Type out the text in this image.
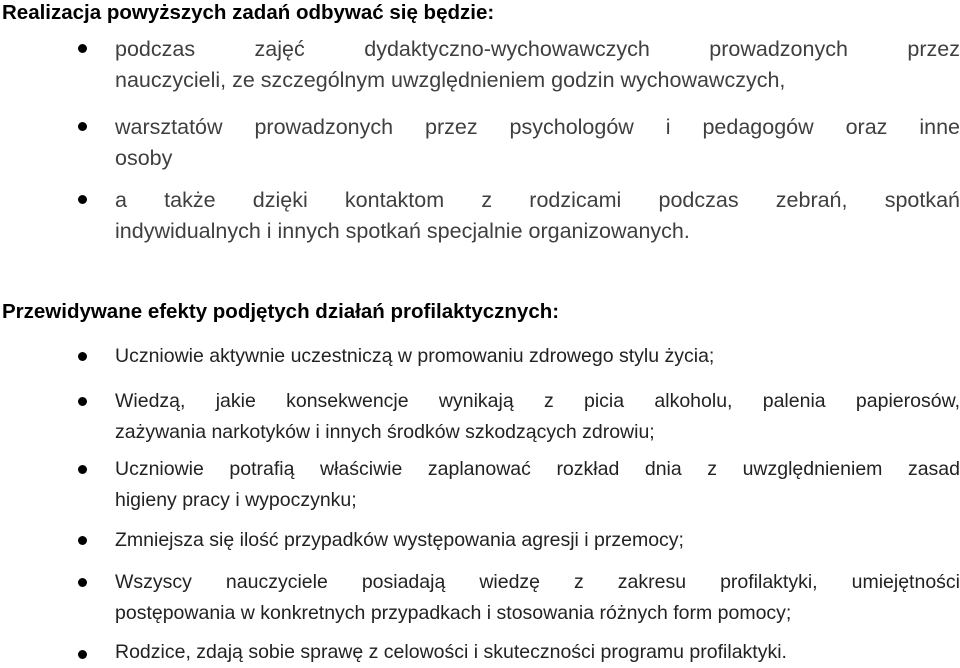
Realizacja powyższych zadań odbywać się będzie:
podczas zajęć dydaktyczno-wychowawczych prowadzonych przez
nauczycieli, ze szczególnym uwzględnieniem godzin wychowawczych,
warsztatów prowadzonych przez psychologów i pedagogów oraz inne
osoby
a także dzięki kontaktom z rodzicami podczas zebrań, spotkań
indywidualnych i innych spotkań specjalnie organizowanych.
Przewidywane efekty podjętych działań profilaktycznych:
Uczniowie aktywnie uczestniczą w promowaniu zdrowego stylu życia;
Wiedzą, jakie konsekwencje wynikają z picia alkoholu, palenia papierosów,
zażywania narkotyków i innych środków szkodzących zdrowiu;
Uczniowie potrafią właściwie zaplanować rozkład dnia z uwzględnieniem zasad
higieny pracy i wypoczynku;
Zmniejsza się ilość przypadków występowania agresji i przemocy;
Wszyscy nauczyciele posiadają wiedzę z zakresu profilaktyki, umiejętności
postępowania w konkretnych przypadkach i stosowania różnych form pomocy;
Rodzice, zdają sobie sprawę z celowości i skuteczności programu profilaktyki.
